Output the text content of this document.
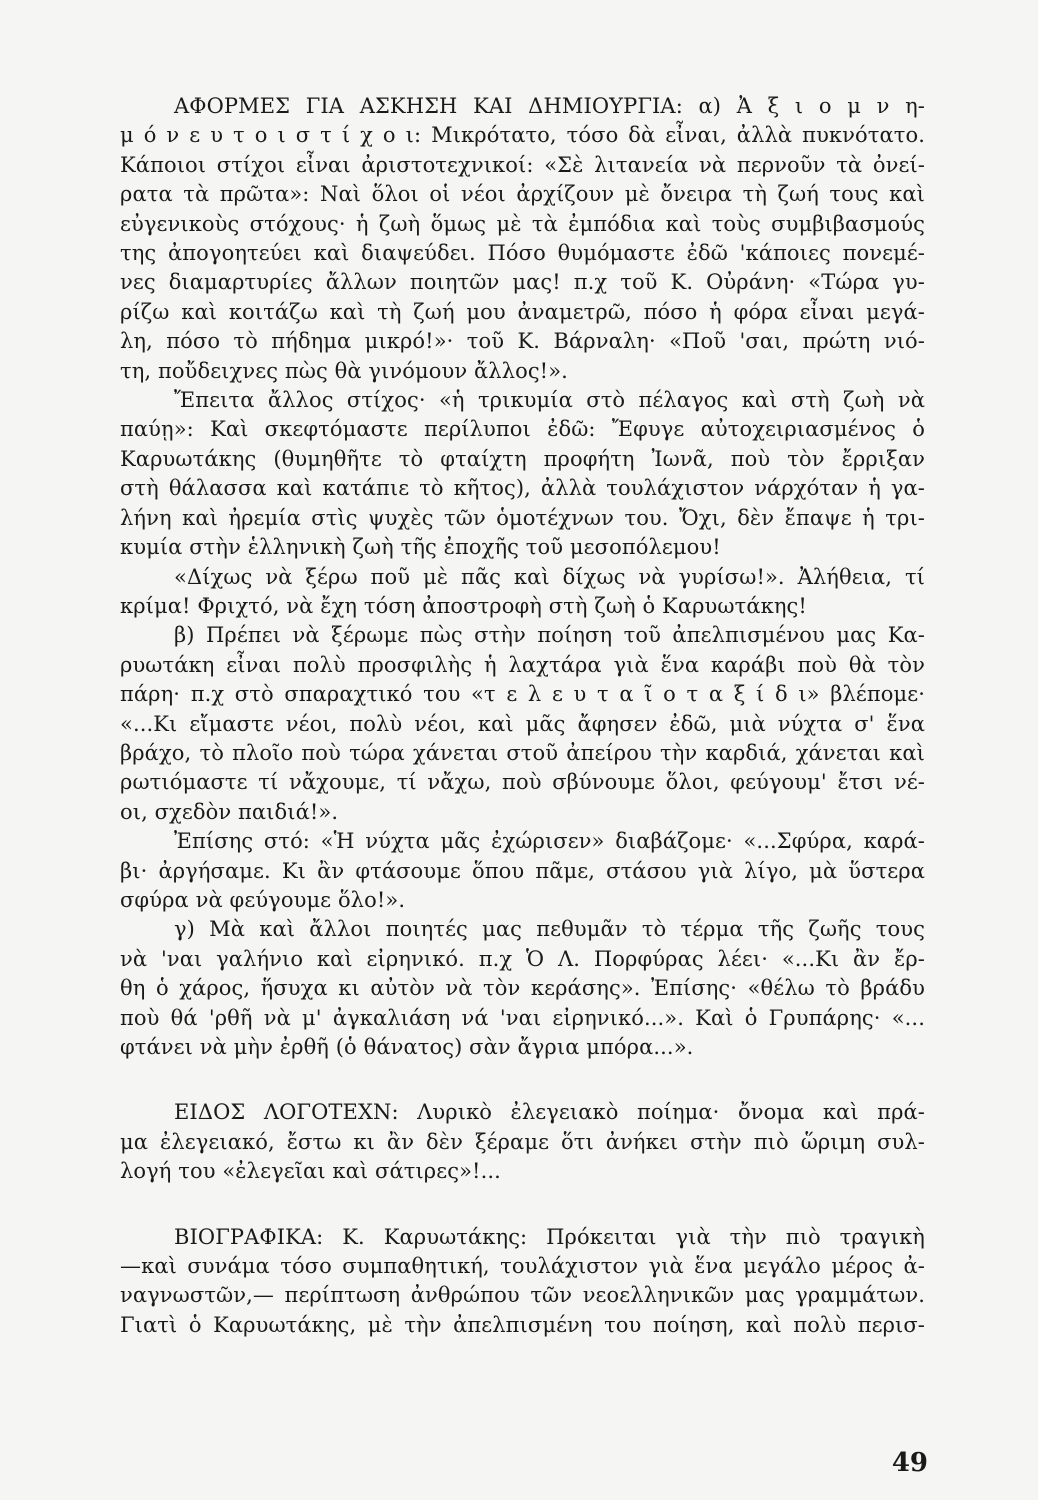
ΑΦΟΡΜΕΣ ΓΙΑ ΑΣΚΗΣΗ ΚΑΙ ΔΗΜΙΟΥΡΓΙΑ: α) Ἀ ξ ι ο μ ν η-
μ ό ν ε υ τ ο ι σ τ ί χ ο ι: Μικρότατο, τόσο δὰ εἶναι, ἀλλὰ πυκνότατο.
Κάποιοι στίχοι εἶναι ἀριστοτεχνικοί: «Σὲ λιτανεία νὰ περνοῦν τὰ ὀνεί-
ρατα τὰ πρῶτα»: Ναὶ ὅλοι οἱ νέοι ἀρχίζουν μὲ ὄνειρα τὴ ζωή τους καὶ
εὐγενικοὺς στόχους· ἡ ζωὴ ὅμως μὲ τὰ ἐμπόδια καὶ τοὺς συμβιβασμούς
της ἀπογοητεύει καὶ διαψεύδει. Πόσο θυμόμαστε ἐδῶ 'κάποιες πονεμέ-
νες διαμαρτυρίες ἄλλων ποιητῶν μας! π.χ τοῦ Κ. Οὐράνη· «Τώρα γυ-
ρίζω καὶ κοιτάζω καὶ τὴ ζωή μου ἀναμετρῶ, πόσο ἡ φόρα εἶναι μεγά-
λη, πόσο τὸ πήδημα μικρό!»· τοῦ Κ. Βάρναλη· «Ποῦ 'σαι, πρώτη νιό-
τη, ποὔδειχνες πὼς θὰ γινόμουν ἄλλος!».
Ἔπειτα ἄλλος στίχος· «ἡ τρικυμία στὸ πέλαγος καὶ στὴ ζωὴ νὰ
παύῃ»: Καὶ σκεφτόμαστε περίλυποι ἐδῶ: Ἔφυγε αὐτοχειριασμένος ὁ
Καρυωτάκης (θυμηθῆτε τὸ φταίχτη προφήτη Ἰωνᾶ, ποὺ τὸν ἔρριξαν
στὴ θάλασσα καὶ κατάπιε τὸ κῆτος), ἀλλὰ τουλάχιστον νάρχόταν ἡ γα-
λήνη καὶ ἠρεμία στὶς ψυχὲς τῶν ὁμοτέχνων του. Ὄχι, δὲν ἔπαψε ἡ τρι-
κυμία στὴν ἑλληνικὴ ζωὴ τῆς ἐποχῆς τοῦ μεσοπόλεμου!
«Δίχως νὰ ξέρω ποῦ μὲ πᾶς καὶ δίχως νὰ γυρίσω!». Ἀλήθεια, τί
κρίμα! Φριχτό, νὰ ἔχη τόση ἀποστροφὴ στὴ ζωὴ ὁ Καρυωτάκης!
β) Πρέπει νὰ ξέρωμε πὼς στὴν ποίηση τοῦ ἀπελπισμένου μας Κα-
ρυωτάκη εἶναι πολὺ προσφιλὴς ἡ λαχτάρα γιὰ ἕνα καράβι ποὺ θὰ τὸν
πάρη· π.χ στὸ σπαραχτικό του «τ ε λ ε υ τ α ῖ ο τ α ξ ί δ ι» βλέπομε·
«...Κι εἴμαστε νέοι, πολὺ νέοι, καὶ μᾶς ἄφησεν ἐδῶ, μιὰ νύχτα σ' ἕνα
βράχο, τὸ πλοῖο ποὺ τώρα χάνεται στοῦ ἀπείρου τὴν καρδιά, χάνεται καὶ
ρωτιόμαστε τί νἄχουμε, τί νἄχω, ποὺ σβύνουμε ὅλοι, φεύγουμ' ἔτσι νέ-
οι, σχεδὸν παιδιά!».
Ἐπίσης στό: «Ἡ νύχτα μᾶς ἐχώρισεν» διαβάζομε· «...Σφύρα, καρά-
βι· ἀργήσαμε. Κι ἂν φτάσουμε ὅπου πᾶμε, στάσου γιὰ λίγο, μὰ ὕστερα
σφύρα νὰ φεύγουμε ὅλο!».
γ) Μὰ καὶ ἄλλοι ποιητές μας πεθυμᾶν τὸ τέρμα τῆς ζωῆς τους
νὰ 'ναι γαλήνιο καὶ εἰρηνικό. π.χ Ὁ Λ. Πορφύρας λέει· «...Κι ἂν ἔρ-
θη ὁ χάρος, ἥσυχα κι αὐτὸν νὰ τὸν κεράσης». Ἐπίσης· «θέλω τὸ βράδυ
ποὺ θά 'ρθῆ νὰ μ' ἀγκαλιάση νά 'ναι εἰρηνικό...». Καὶ ὁ Γρυπάρης· «...
φτάνει νὰ μὴν ἐρθῆ (ὁ θάνατος) σὰν ἄγρια μπόρα...».
ΕΙΔΟΣ ΛΟΓΟΤΕΧΝ: Λυρικὸ ἐλεγειακὸ ποίημα· ὄνομα καὶ πρά-
μα ἐλεγειακό, ἔστω κι ἂν δὲν ξέραμε ὅτι ἀνήκει στὴν πιὸ ὥριμη συλ-
λογή του «ἐλεγεῖαι καὶ σάτιρες»!...
ΒΙΟΓΡΑΦΙΚΑ: Κ. Καρυωτάκης: Πρόκειται γιὰ τὴν πιὸ τραγικὴ
—καὶ συνάμα τόσο συμπαθητική, τουλάχιστον γιὰ ἕνα μεγάλο μέρος ἀ-
ναγνωστῶν,— περίπτωση ἀνθρώπου τῶν νεοελληνικῶν μας γραμμάτων.
Γιατὶ ὁ Καρυωτάκης, μὲ τὴν ἀπελπισμένη του ποίηση, καὶ πολὺ περισ-
49
